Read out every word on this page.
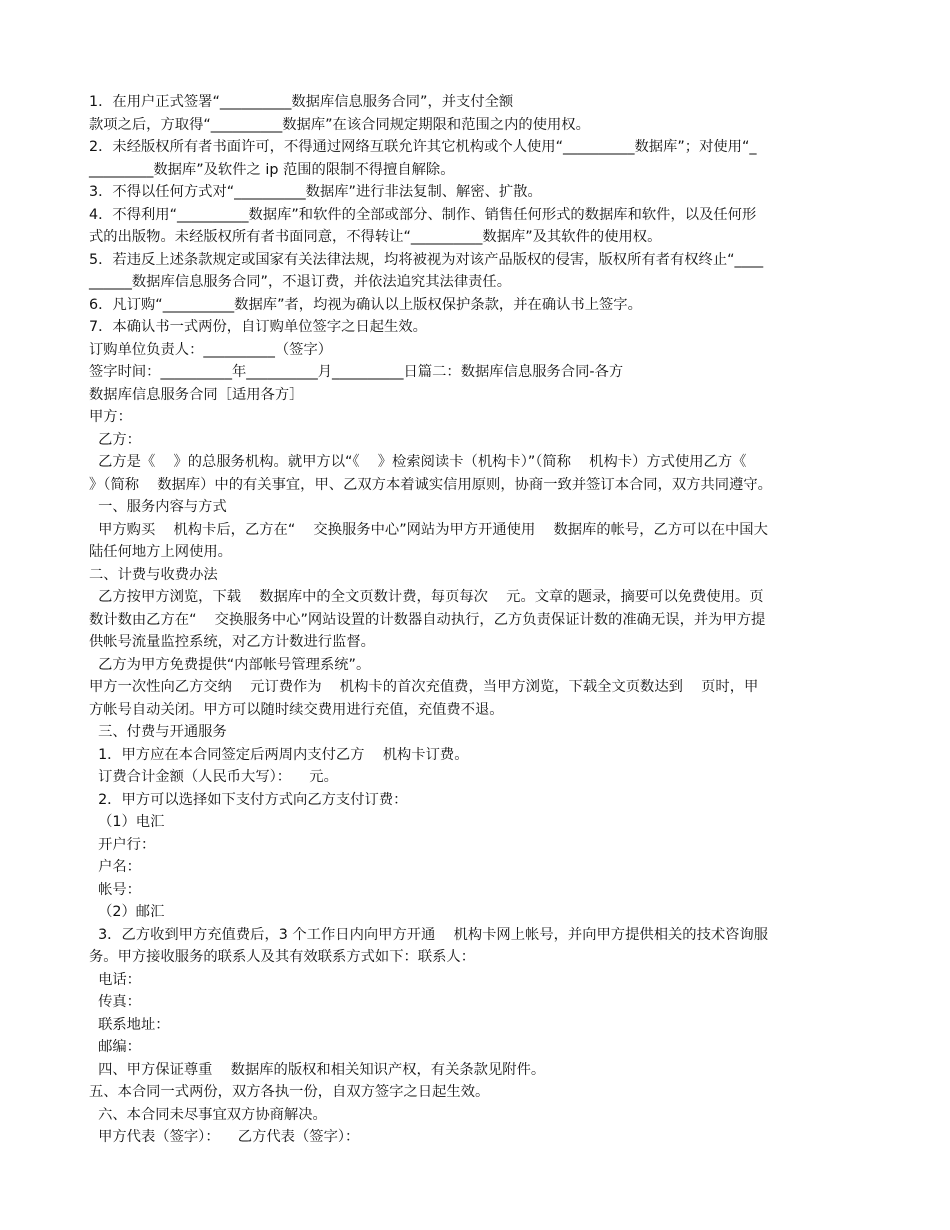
1．在用户正式签署“__________数据库信息服务合同”，并支付全额
款项之后，方取得“__________数据库”在该合同规定期限和范围之内的使用权。
2．未经版权所有者书面许可，不得通过网络互联允许其它机构或个人使用“__________数据库”；对使用“_
_________数据库”及软件之 ip 范围的限制不得擅自解除。
3．不得以任何方式对“__________数据库”进行非法复制、解密、扩散。
4．不得利用“__________数据库”和软件的全部或部分、制作、销售任何形式的数据库和软件，以及任何形
式的出版物。未经版权所有者书面同意，不得转让“__________数据库”及其软件的使用权。
5．若违反上述条款规定或国家有关法律法规，均将被视为对该产品版权的侵害，版权所有者有权终止“____
______数据库信息服务合同”，不退订费，并依法追究其法律责任。
6．凡订购“__________数据库”者，均视为确认以上版权保护条款，并在确认书上签字。
7．本确认书一式两份，自订购单位签字之日起生效。
订购单位负责人：__________（签字）
签字时间：__________年__________月__________日篇二：数据库信息服务合同-各方
数据库信息服务合同［适用各方］
甲方：
乙方：
乙方是《    》的总服务机构。就甲方以“《    》检索阅读卡（机构卡）”（简称    机构卡）方式使用乙方《
》（简称    数据库）中的有关事宜，甲、乙双方本着诚实信用原则，协商一致并签订本合同，双方共同遵守。
一、服务内容与方式
甲方购买    机构卡后，乙方在“    交换服务中心”网站为甲方开通使用    数据库的帐号，乙方可以在中国大
陆任何地方上网使用。
二、计费与收费办法
乙方按甲方浏览，下载    数据库中的全文页数计费，每页每次    元。文章的题录，摘要可以免费使用。页
数计数由乙方在“    交换服务中心”网站设置的计数器自动执行，乙方负责保证计数的准确无误，并为甲方提
供帐号流量监控系统，对乙方计数进行监督。
乙方为甲方免费提供“内部帐号管理系统”。
甲方一次性向乙方交纳    元订费作为    机构卡的首次充值费，当甲方浏览，下载全文页数达到    页时，甲
方帐号自动关闭。甲方可以随时续交费用进行充值，充值费不退。
三、付费与开通服务
1．甲方应在本合同签定后两周内支付乙方    机构卡订费。
订费合计金额（人民币大写）：    元。
2．甲方可以选择如下支付方式向乙方支付订费：
（1）电汇
开户行：
户名：
帐号：
（2）邮汇
3．乙方收到甲方充值费后，3 个工作日内向甲方开通    机构卡网上帐号，并向甲方提供相关的技术咨询服
务。甲方接收服务的联系人及其有效联系方式如下：联系人：
电话：
传真：
联系地址：
邮编：
四、甲方保证尊重    数据库的版权和相关知识产权，有关条款见附件。
五、本合同一式两份，双方各执一份，自双方签字之日起生效。
六、本合同未尽事宜双方协商解决。
甲方代表（签字）：    乙方代表（签字）：
